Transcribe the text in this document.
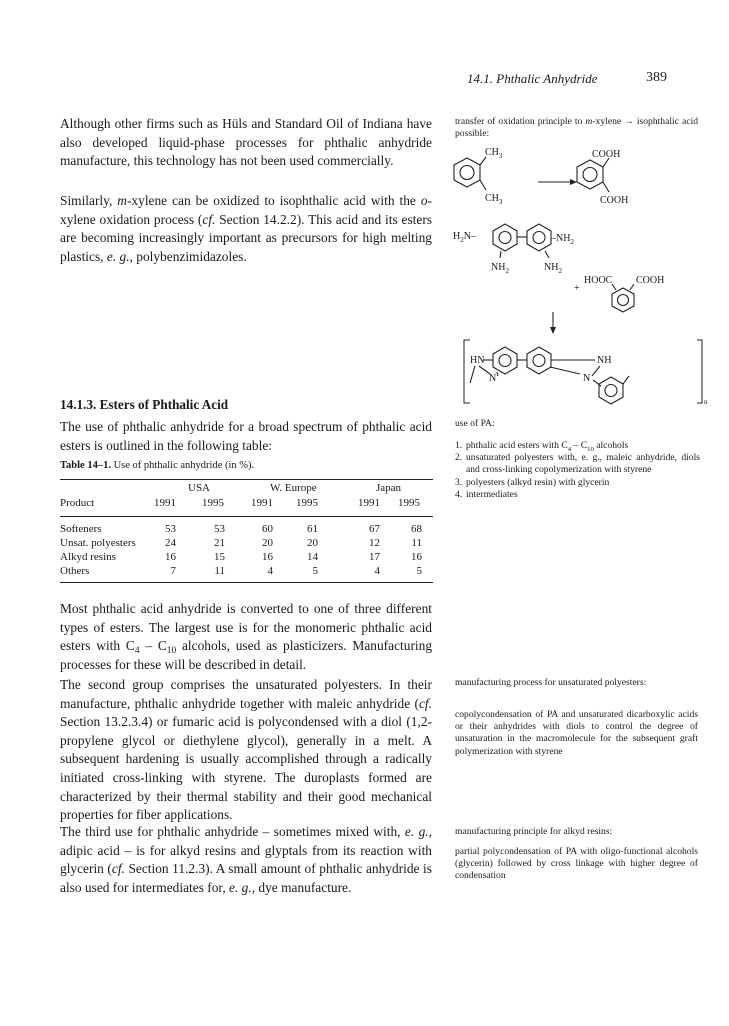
14.1. Phthalic Anhydride	389

Although other firms such as Hüls and Standard Oil of Indiana have also developed liquid-phase processes for phthalic anhydride manufacture, this technology has not been used commercially.

Similarly, m-xylene can be oxidized to isophthalic acid with the o-xylene oxidation process (cf. Section 14.2.2). This acid and its esters are becoming increasingly important as precursors for high melting plastics, e. g., polybenzimidazoles.

14.1.3. Esters of Phthalic Acid

The use of phthalic anhydride for a broad spectrum of phthalic acid esters is outlined in the following table:

Table 14–1. Use of phthalic anhydride (in %).
USA	W. Europe	Japan
Product	1991 1995 1991 1995	1991 1995
Softeners	53	53	60	61	67	68
Unsat. polyesters	24	21	20	20	12	11
Alkyd resins	16	15	16	14	17	16
Others	7	11	4	5	4	5

Most phthalic acid anhydride is converted to one of three different types of esters. The largest use is for the monomeric phthalic acid esters with $C_4 - C_{10}$ alcohols, used as plasticizers. Manufacturing processes for these will be described in detail.

The second group comprises the unsaturated polyesters. In their manufacture, phthalic anhydride together with maleic anhydride (cf. Section 13.2.3.4) or fumaric acid is polycondensed with a diol (1,2-propylene glycol or diethylene glycol), generally in a melt. A subsequent hardening is usually accomplished through a radically initiated cross-linking with styrene. The duroplasts formed are characterized by their thermal stability and their good mechanical properties for fiber applications.

The third use for phthalic anhydride – sometimes mixed with, e. g., adipic acid – is for alkyd resins and glyptals from its reaction with glycerin (cf. Section 11.2.3). A small amount of phthalic anhydride is also used for intermediates for, e. g., dye manufacture.

transfer of oxidation principle to m-xylene → isophthalic acid possible:

$CH_3$
$CH_3$
COOH
COOH
$H_2N-$	$-NH_2$
$NH_2$	$NH_2$
HOOC COOH
+
HN	NH
N	N
n
use of PA:
1. phthalic acid esters with $C_4 - C_{10}$ alcohols
2. unsaturated polyesters with, e. g., maleic anhydride, diols and cross-linking copolymerization with styrene
3. polyesters (alkyd resin) with glycerin
4. intermediates

manufacturing process for unsaturated polyesters:

copolycondensation of PA and unsaturated dicarboxylic acids or their anhydrides with diols to control the degree of unsaturation in the macromolecule for the subsequent graft polymerization with styrene

manufacturing principle for alkyd resins:

partial polycondensation of PA with oligo-functional alcohols (glycerin) followed by cross linkage with higher degree of condensation
